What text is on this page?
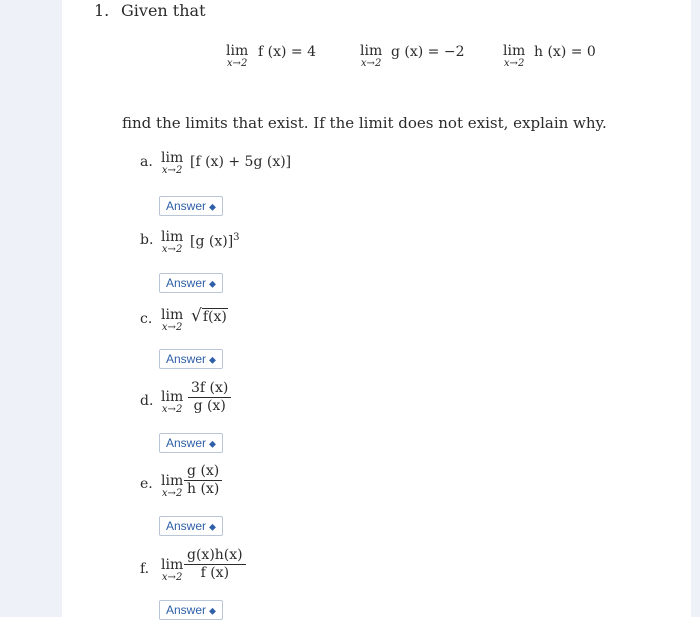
1. Given that
lim
x→2
f (x) = 4	lim
x→2
g (x) = −2	lim
x→2
h (x) = 0
find the limits that exist. If the limit does not exist, explain why.
a. lim
x→2
[f (x) + 5g (x)]
Answer ⬥
b. lim
x→2 [g (x)]$^3$
Answer ⬥
c. lim
x→2
√f(x)
Answer ⬥
d. lim
x→2
3f (x)
g (x)
Answer ⬥
e. lim
x→2
g (x)
h (x)
Answer ⬥
f. lim
x→2
g(x)h(x)
f (x)
Answer ⬥
